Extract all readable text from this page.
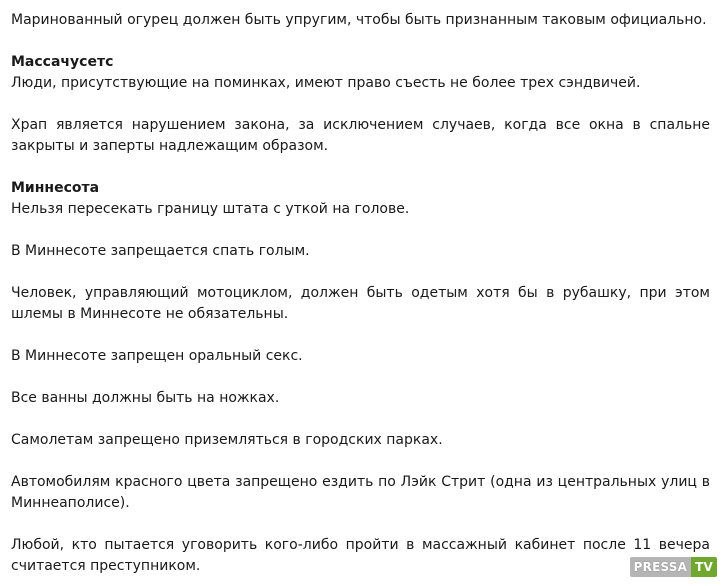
Маринованный огурец должен быть упругим, чтобы быть признанным таковым официально.

Массачусетс

Люди, присутствующие на поминках, имеют право съесть не более трех сэндвичей.

Храп является нарушением закона, за исключением случаев, когда все окна в спальне закрыты и заперты надлежащим образом.

Миннесота

Нельзя пересекать границу штата с уткой на голове.

В Миннесоте запрещается спать голым.

Человек, управляющий мотоциклом, должен быть одетым хотя бы в рубашку, при этом шлемы в Миннесоте не обязательны.

В Миннесоте запрещен оральный секс.

Все ванны должны быть на ножках.

Самолетам запрещено приземляться в городских парках.

Автомобилям красного цвета запрещено ездить по Лэйк Стрит (одна из центральных улиц в Миннеаполисе).

Любой, кто пытается уговорить кого-либо пройти в массажный кабинет после 11 вечера считается преступником.	PRESSA TV
